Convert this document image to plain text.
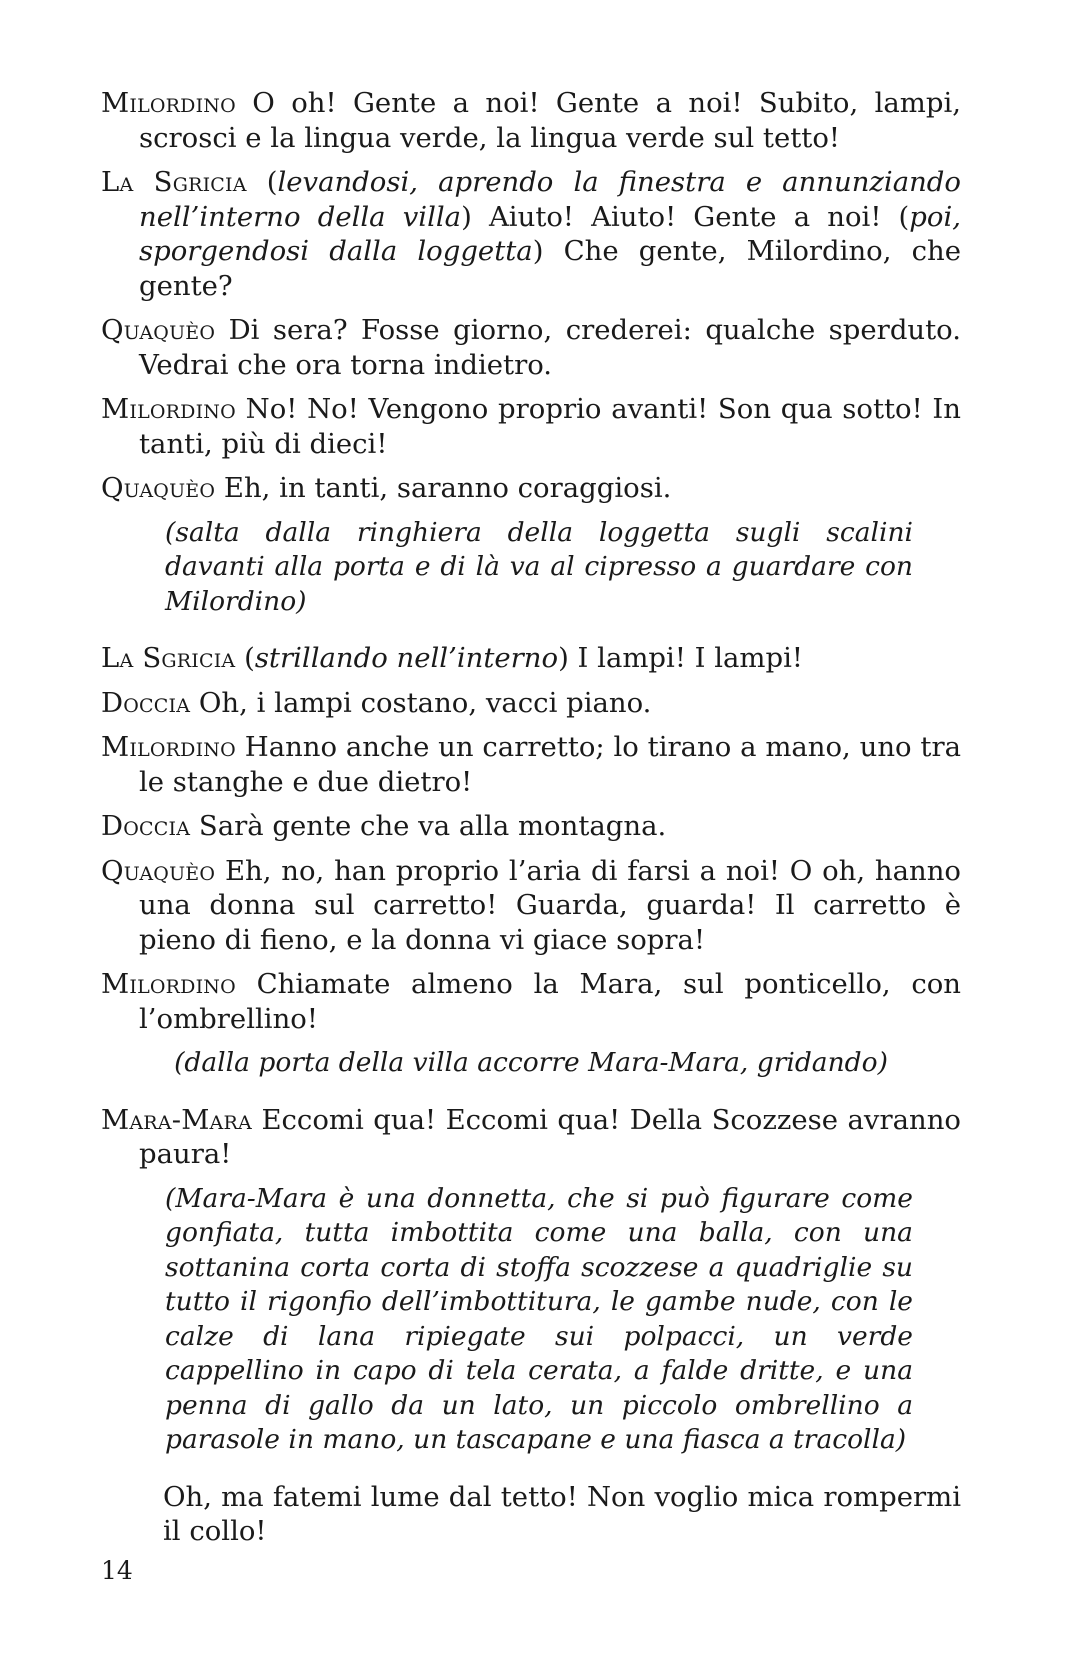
Milordino O oh! Gente a noi! Gente a noi! Subito, lampi, scrosci e la lingua verde, la lingua verde sul tetto!

La Sgricia (levandosi, aprendo la finestra e annunziando nell’interno della villa) Aiuto! Aiuto! Gente a noi! (poi, sporgendosi dalla loggetta) Che gente, Milordino, che gente?

Quaquèo Di sera? Fosse giorno, crederei: qualche sperduto. Vedrai che ora torna indietro.

Milordino No! No! Vengono proprio avanti! Son qua sotto! In tanti, più di dieci!

Quaquèo Eh, in tanti, saranno coraggiosi.

(salta dalla ringhiera della loggetta sugli scalini davanti alla porta e di là va al cipresso a guardare con Milordino)

La Sgricia (strillando nell’interno) I lampi! I lampi!

Doccia Oh, i lampi costano, vacci piano.

Milordino Hanno anche un carretto; lo tirano a mano, uno tra le stanghe e due dietro!

Doccia Sarà gente che va alla montagna.

Quaquèo Eh, no, han proprio l’aria di farsi a noi! O oh, hanno una donna sul carretto! Guarda, guarda! Il carretto è pieno di fieno, e la donna vi giace sopra!

Milordino Chiamate almeno la Mara, sul ponticello, con l’ombrellino!

(dalla porta della villa accorre Mara-Mara, gridando)

Mara-Mara Eccomi qua! Eccomi qua! Della Scozzese avranno paura!

(Mara-Mara è una donnetta, che si può figurare come gonfiata, tutta imbottita come una balla, con una sottanina corta corta di stoffa scozzese a quadriglie su tutto il rigonfio dell’imbottitura, le gambe nude, con le calze di lana ripiegate sui polpacci, un verde cappellino in capo di tela cerata, a falde dritte, e una penna di gallo da un lato, un piccolo ombrellino a parasole in mano, un tascapane e una fiasca a tracolla)

Oh, ma fatemi lume dal tetto! Non voglio mica rompermi il collo!

14
